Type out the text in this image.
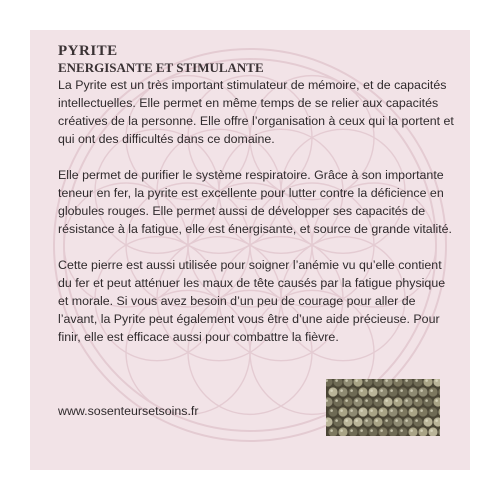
PYRITE
ENERGISANTE ET STIMULANTE

La Pyrite est un très important stimulateur de mémoire, et de capacités intellectuelles. Elle permet en même temps de se relier aux capacités créatives de la personne. Elle offre l’organisation à ceux qui la portent et qui ont des difficultés dans ce domaine.

Elle permet de purifier le système respiratoire. Grâce à son importante teneur en fer, la pyrite est excellente pour lutter contre la déficience en globules rouges. Elle permet aussi de développer ses capacités de résistance à la fatigue, elle est énergisante, et source de grande vitalité.

Cette pierre est aussi utilisée pour soigner l’anémie vu qu’elle contient du fer et peut atténuer les maux de tête causés par la fatigue physique et morale. Si vous avez besoin d’un peu de courage pour aller de l’avant, la Pyrite peut également vous être d’une aide précieuse. Pour finir, elle est efficace aussi pour combattre la fièvre.

www.sosenteursetsoins.fr
